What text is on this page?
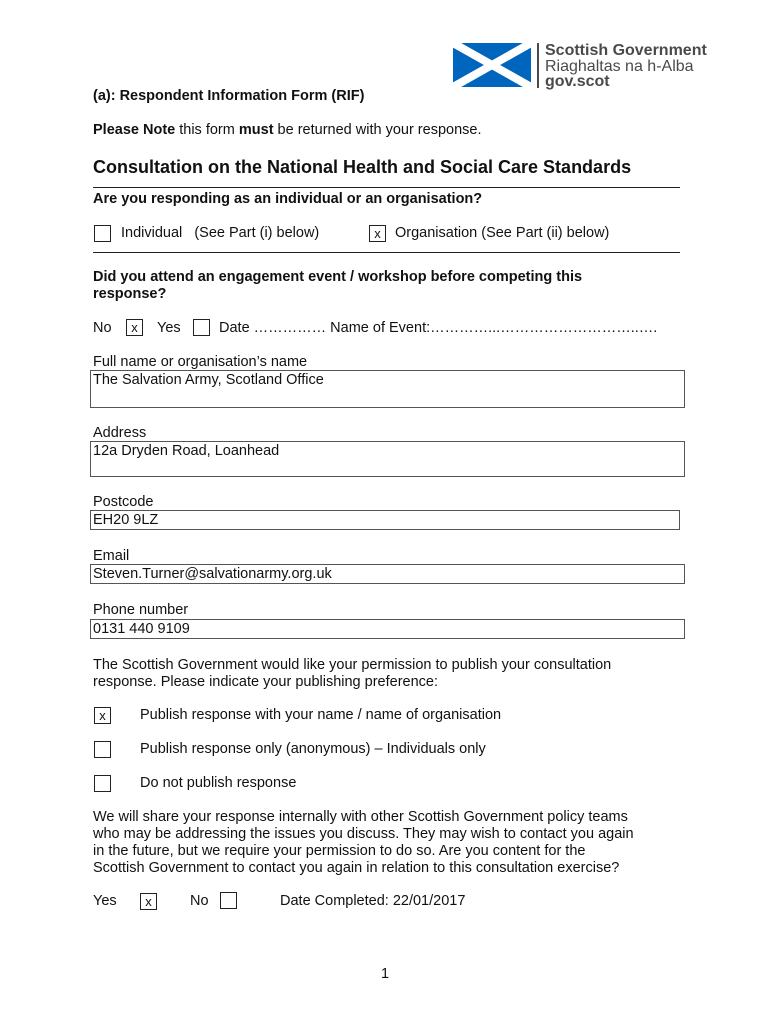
Scottish Government
Riaghaltas na h-Alba
gov.scot
(a): Respondent Information Form (RIF)
Please Note this form must be returned with your response.
Consultation on the National Health and Social Care Standards
Are you responding as an individual or an organisation?
Individual   (See Part (i) below)	x Organisation (See Part (ii) below)
Did you attend an engagement event / workshop before competing this
response?
No	x	Yes	Date …………… Name of Event:…………...………………………..….
Full name or organisation’s name
The Salvation Army, Scotland Office
Address
12a Dryden Road, Loanhead
Postcode
EH20 9LZ
Email
Steven.Turner@salvationarmy.org.uk
Phone number
0131 440 9109
The Scottish Government would like your permission to publish your consultation
response. Please indicate your publishing preference:
x	Publish response with your name / name of organisation
Publish response only (anonymous) – Individuals only
Do not publish response
We will share your response internally with other Scottish Government policy teams
who may be addressing the issues you discuss. They may wish to contact you again
in the future, but we require your permission to do so. Are you content for the
Scottish Government to contact you again in relation to this consultation exercise?
Yes	x	No	Date Completed: 22/01/2017
1
